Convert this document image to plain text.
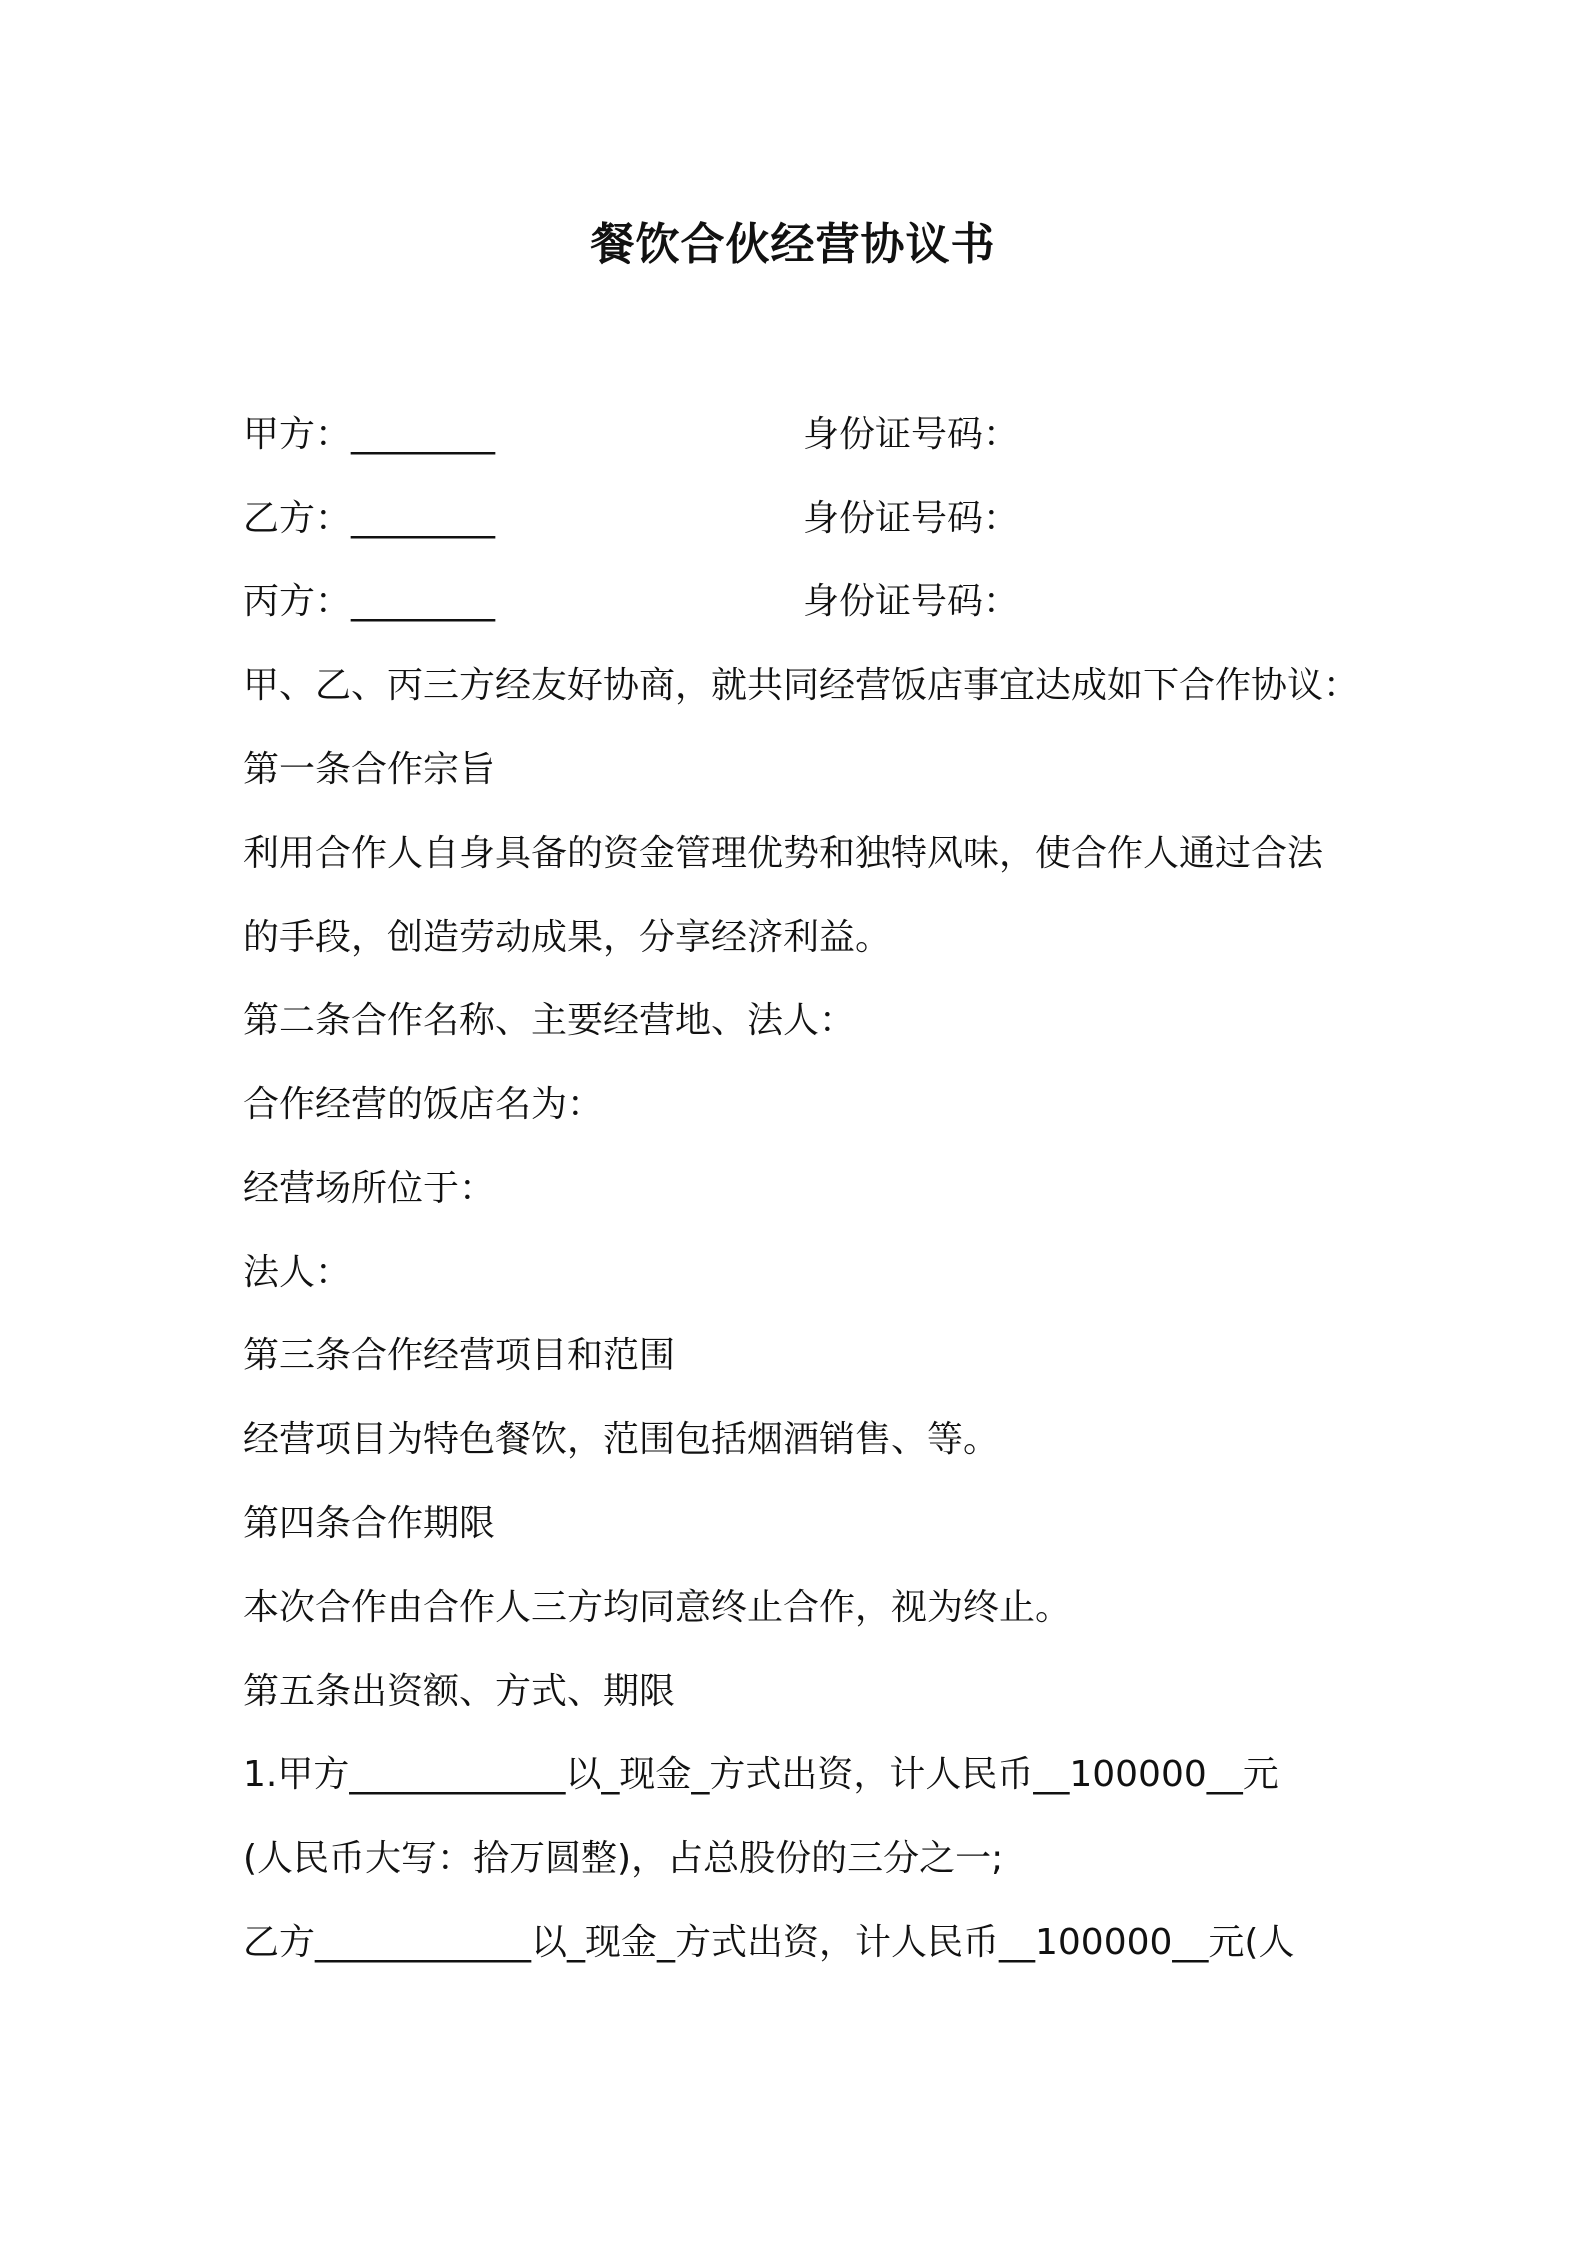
餐饮合伙经营协议书
甲方：________	身份证号码：
乙方：________	身份证号码：
丙方：________	身份证号码：
甲、乙、丙三方经友好协商，就共同经营饭店事宜达成如下合作协议：
第一条合作宗旨
利用合作人自身具备的资金管理优势和独特风味，使合作人通过合法
的手段，创造劳动成果，分享经济利益。
第二条合作名称、主要经营地、法人：
合作经营的饭店名为：
经营场所位于：
法人：
第三条合作经营项目和范围
经营项目为特色餐饮，范围包括烟酒销售、等。
第四条合作期限
本次合作由合作人三方均同意终止合作，视为终止。
第五条出资额、方式、期限
1.甲方____________以_现金_方式出资，计人民币__100000__元
(人民币大写：拾万圆整)，占总股份的三分之一;
乙方____________以_现金_方式出资，计人民币__100000__元(人
